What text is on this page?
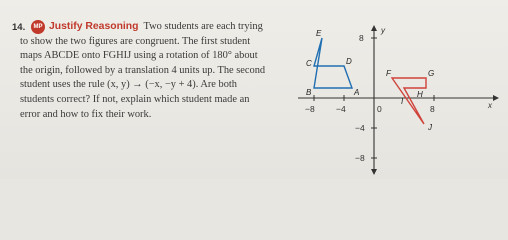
14.	MP Justify Reasoning Two students are each trying
to show the two figures are congruent. The first student
maps ABCDE onto FGHIJ using a rotation of 180° about
the origin, followed by a translation 4 units up. The second
student uses the rule (x, y) → (−x, −y + 4). Are both
students correct? If not, explain which student made an
error and how to fix their work.
y
x
−8	−4	0	8
8
−4
−8
E
C	D
B	A
F	G
H
I
J
